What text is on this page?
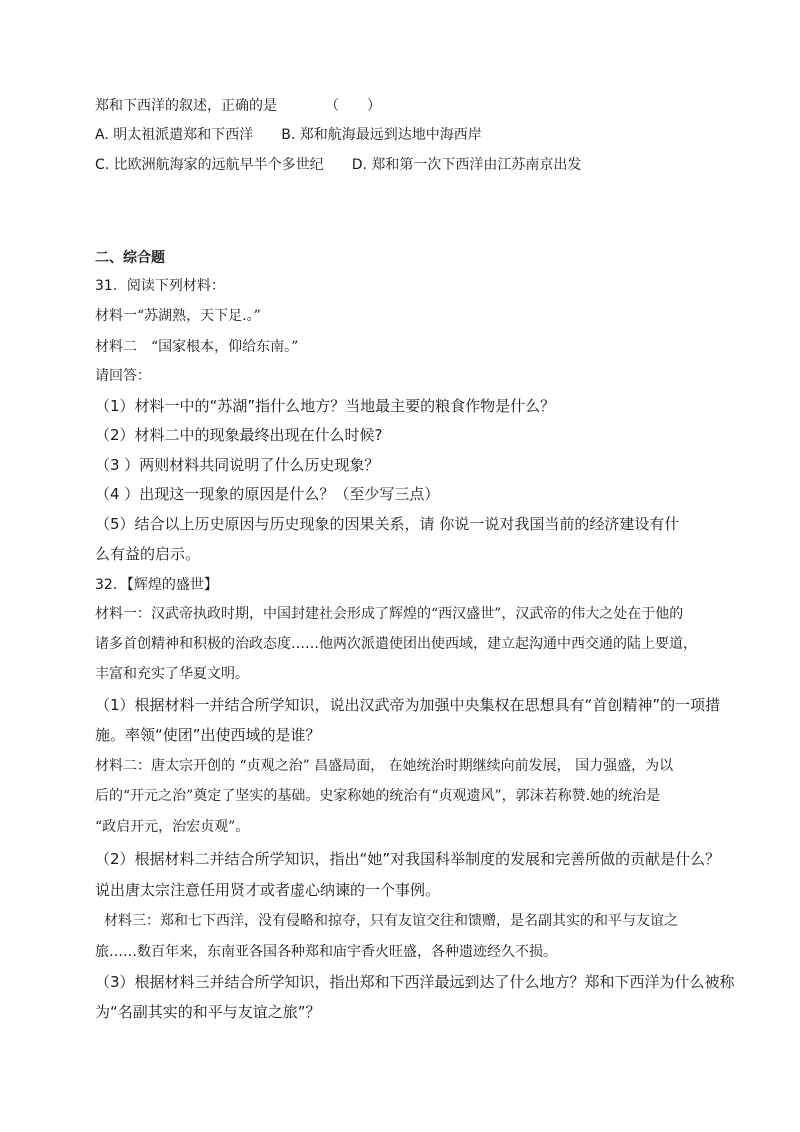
郑和下西洋的叙述，正确的是	（　　）
A. 明太祖派遣郑和下西洋 B. 郑和航海最远到达地中海西岸
C. 比欧洲航海家的远航早半个多世纪 D. 郑和第一次下西洋由江苏南京出发
二、综合题
31．阅读下列材料：
材料一“苏湖熟，天下足.。”
材料二　“国家根本，仰给东南。”
请回答：
（1）材料一中的“苏湖”指什么地方？当地最主要的粮食作物是什么？
（2）材料二中的现象最终出现在什么时候?
（3 ）两则材料共同说明了什么历史现象？
（4 ）出现这一现象的原因是什么？（至少写三点）
（5）结合以上历史原因与历史现象的因果关系，请 你说一说对我国当前的经济建设有什
么有益的启示。
32．【辉煌的盛世】
材料一：汉武帝执政时期，中国封建社会形成了辉煌的“西汉盛世”，汉武帝的伟大之处在于他的
诸多首创精神和积极的治政态度……他两次派遣使团出使西域，建立起沟通中西交通的陆上要道，
丰富和充实了华夏文明。
（1）根据材料一并结合所学知识，说出汉武帝为加强中央集权在思想具有“首创精神”的一项措
施。率领“使团”出使西域的是谁？
材料二：唐太宗开创的 “贞观之治” 昌盛局面， 在她统治时期继续向前发展， 国力强盛，为以
后的“开元之治”奠定了坚实的基础。史家称她的统治有“贞观遗风”，郭沫若称赞.她的统治是
“政启开元，治宏贞观”。
（2）根据材料二并结合所学知识，指出“她”对我国科举制度的发展和完善所做的贡献是什么？
说出唐太宗注意任用贤才或者虚心纳谏的一个事例。
材料三：郑和七下西洋，没有侵略和掠夺，只有友谊交往和馈赠，是名副其实的和平与友谊之
旅……数百年来，东南亚各国各种郑和庙宇香火旺盛，各种遗迹经久不损。
（3）根据材料三并结合所学知识，指出郑和下西洋最远到达了什么地方？郑和下西洋为什么被称
为“名副其实的和平与友谊之旅”？
